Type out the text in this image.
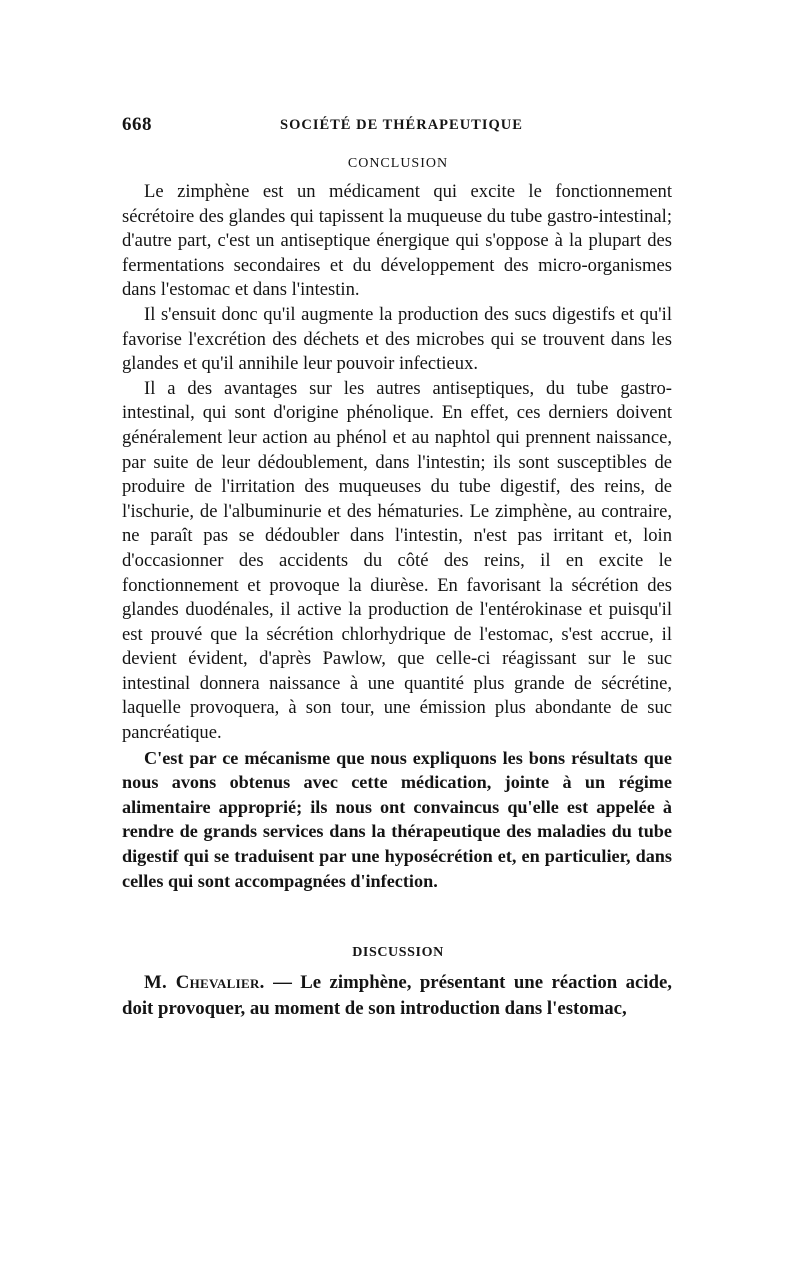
668	SOCIÉTÉ DE THÉRAPEUTIQUE
CONCLUSION

Le zimphène est un médicament qui excite le fonctionnement sécrétoire des glandes qui tapissent la muqueuse du tube gastro-intestinal; d'autre part, c'est un antiseptique énergique qui s'oppose à la plupart des fermentations secondaires et du développement des micro-organismes dans l'estomac et dans l'intestin.

Il s'ensuit donc qu'il augmente la production des sucs digestifs et qu'il favorise l'excrétion des déchets et des microbes qui se trouvent dans les glandes et qu'il annihile leur pouvoir infectieux.

Il a des avantages sur les autres antiseptiques, du tube gastro-intestinal, qui sont d'origine phénolique. En effet, ces derniers doivent généralement leur action au phénol et au naphtol qui prennent naissance, par suite de leur dédoublement, dans l'intestin; ils sont susceptibles de produire de l'irritation des muqueuses du tube digestif, des reins, de l'ischurie, de l'albuminurie et des hématuries. Le zimphène, au contraire, ne paraît pas se dédoubler dans l'intestin, n'est pas irritant et, loin d'occasionner des accidents du côté des reins, il en excite le fonctionnement et provoque la diurèse. En favorisant la sécrétion des glandes duodénales, il active la production de l'entérokinase et puisqu'il est prouvé que la sécrétion chlorhydrique de l'estomac, s'est accrue, il devient évident, d'après Pawlow, que celle-ci réagissant sur le suc intestinal donnera naissance à une quantité plus grande de sécrétine, laquelle provoquera, à son tour, une émission plus abondante de suc pancréatique.

C'est par ce mécanisme que nous expliquons les bons résultats que nous avons obtenus avec cette médication, jointe à un régime alimentaire approprié; ils nous ont convaincus qu'elle est appelée à rendre de grands services dans la thérapeutique des maladies du tube digestif qui se traduisent par une hyposécrétion et, en particulier, dans celles qui sont accompagnées d'infection.

DISCUSSION

M. Chevalier. — Le zimphène, présentant une réaction acide, doit provoquer, au moment de son introduction dans l'estomac,
